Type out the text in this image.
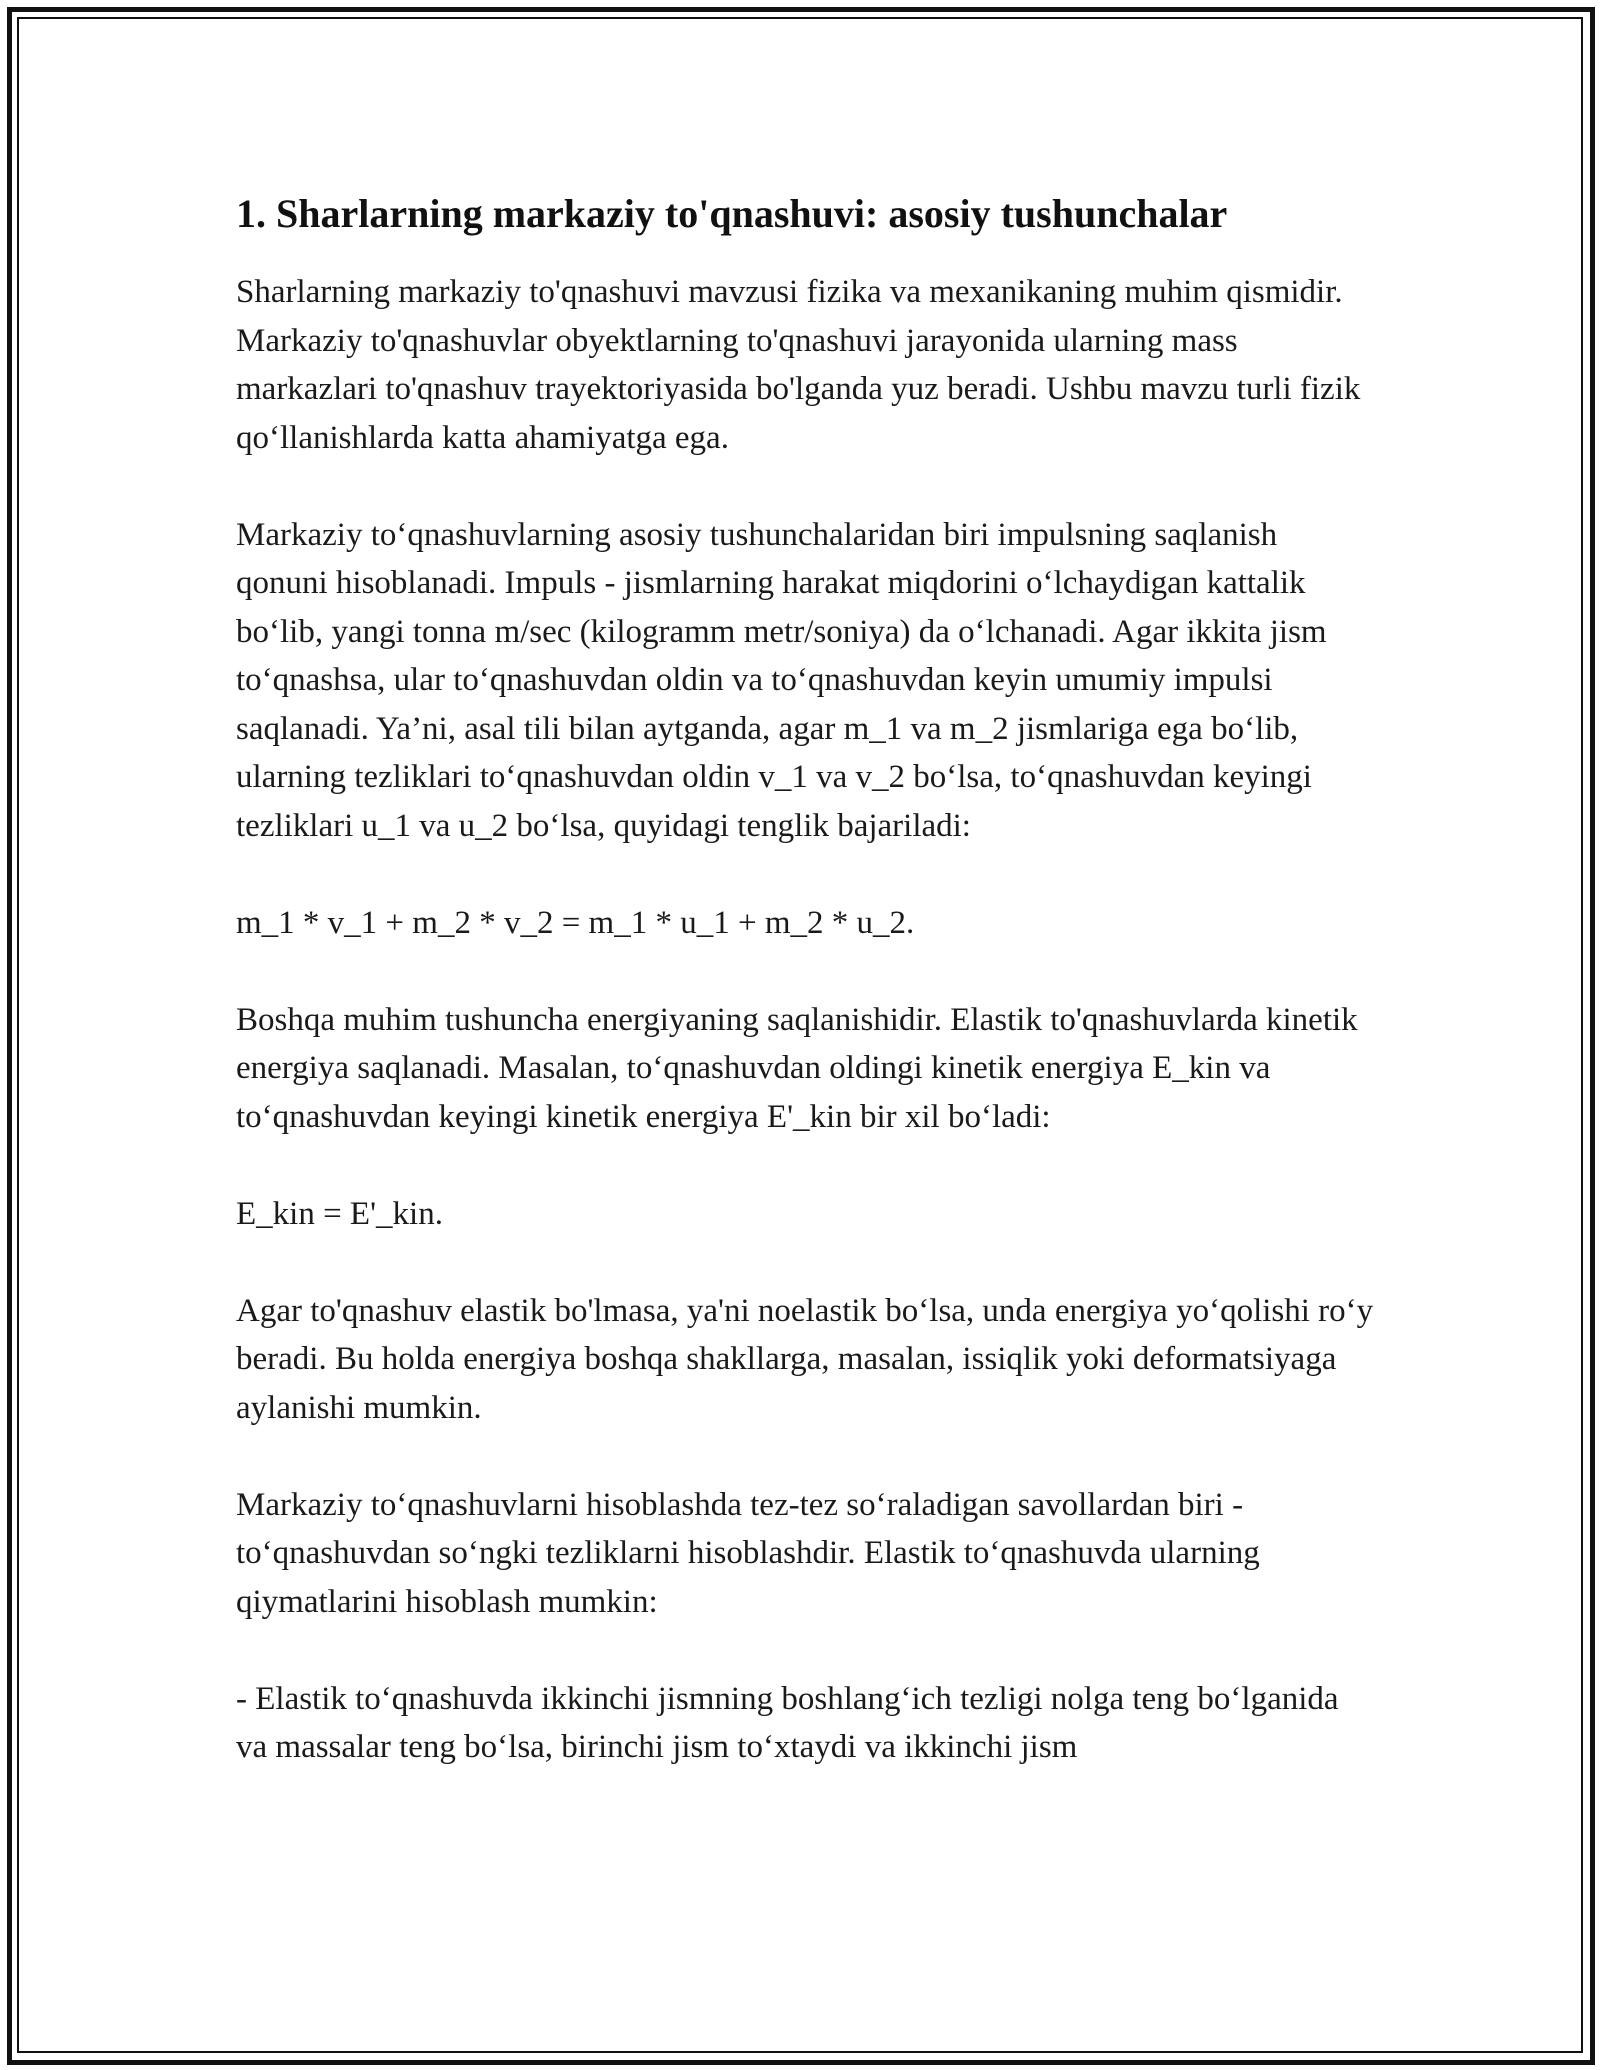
1. Sharlarning markaziy to'qnashuvi: asosiy tushunchalar

Sharlarning markaziy to'qnashuvi mavzusi fizika va mexanikaning muhim qismidir. Markaziy to'qnashuvlar obyektlarning to'qnashuvi jarayonida ularning mass markazlari to'qnashuv trayektoriyasida bo'lganda yuz beradi. Ushbu mavzu turli fizik qo‘llanishlarda katta ahamiyatga ega.

Markaziy to‘qnashuvlarning asosiy tushunchalaridan biri impulsning saqlanish qonuni hisoblanadi. Impuls - jismlarning harakat miqdorini o‘lchaydigan kattalik bo‘lib, yangi tonna m/sec (kilogramm metr/soniya) da o‘lchanadi. Agar ikkita jism to‘qnashsa, ular to‘qnashuvdan oldin va to‘qnashuvdan keyin umumiy impulsi saqlanadi. Ya’ni, asal tili bilan aytganda, agar m_1 va m_2 jismlariga ega bo‘lib, ularning tezliklari to‘qnashuvdan oldin v_1 va v_2 bo‘lsa, to‘qnashuvdan keyingi tezliklari u_1 va u_2 bo‘lsa, quyidagi tenglik bajariladi:

m_1 * v_1 + m_2 * v_2 = m_1 * u_1 + m_2 * u_2.

Boshqa muhim tushuncha energiyaning saqlanishidir. Elastik to'qnashuvlarda kinetik energiya saqlanadi. Masalan, to‘qnashuvdan oldingi kinetik energiya E_kin va to‘qnashuvdan keyingi kinetik energiya E'_kin bir xil bo‘ladi:

E_kin = E'_kin.

Agar to'qnashuv elastik bo'lmasa, ya'ni noelastik bo‘lsa, unda energiya yo‘qolishi ro‘y beradi. Bu holda energiya boshqa shakllarga, masalan, issiqlik yoki deformatsiyaga aylanishi mumkin.

Markaziy to‘qnashuvlarni hisoblashda tez-tez so‘raladigan savollardan biri - to‘qnashuvdan so‘ngki tezliklarni hisoblashdir. Elastik to‘qnashuvda ularning qiymatlarini hisoblash mumkin:

- Elastik to‘qnashuvda ikkinchi jismning boshlang‘ich tezligi nolga teng bo‘lganida va massalar teng bo‘lsa, birinchi jism to‘xtaydi va ikkinchi jism
